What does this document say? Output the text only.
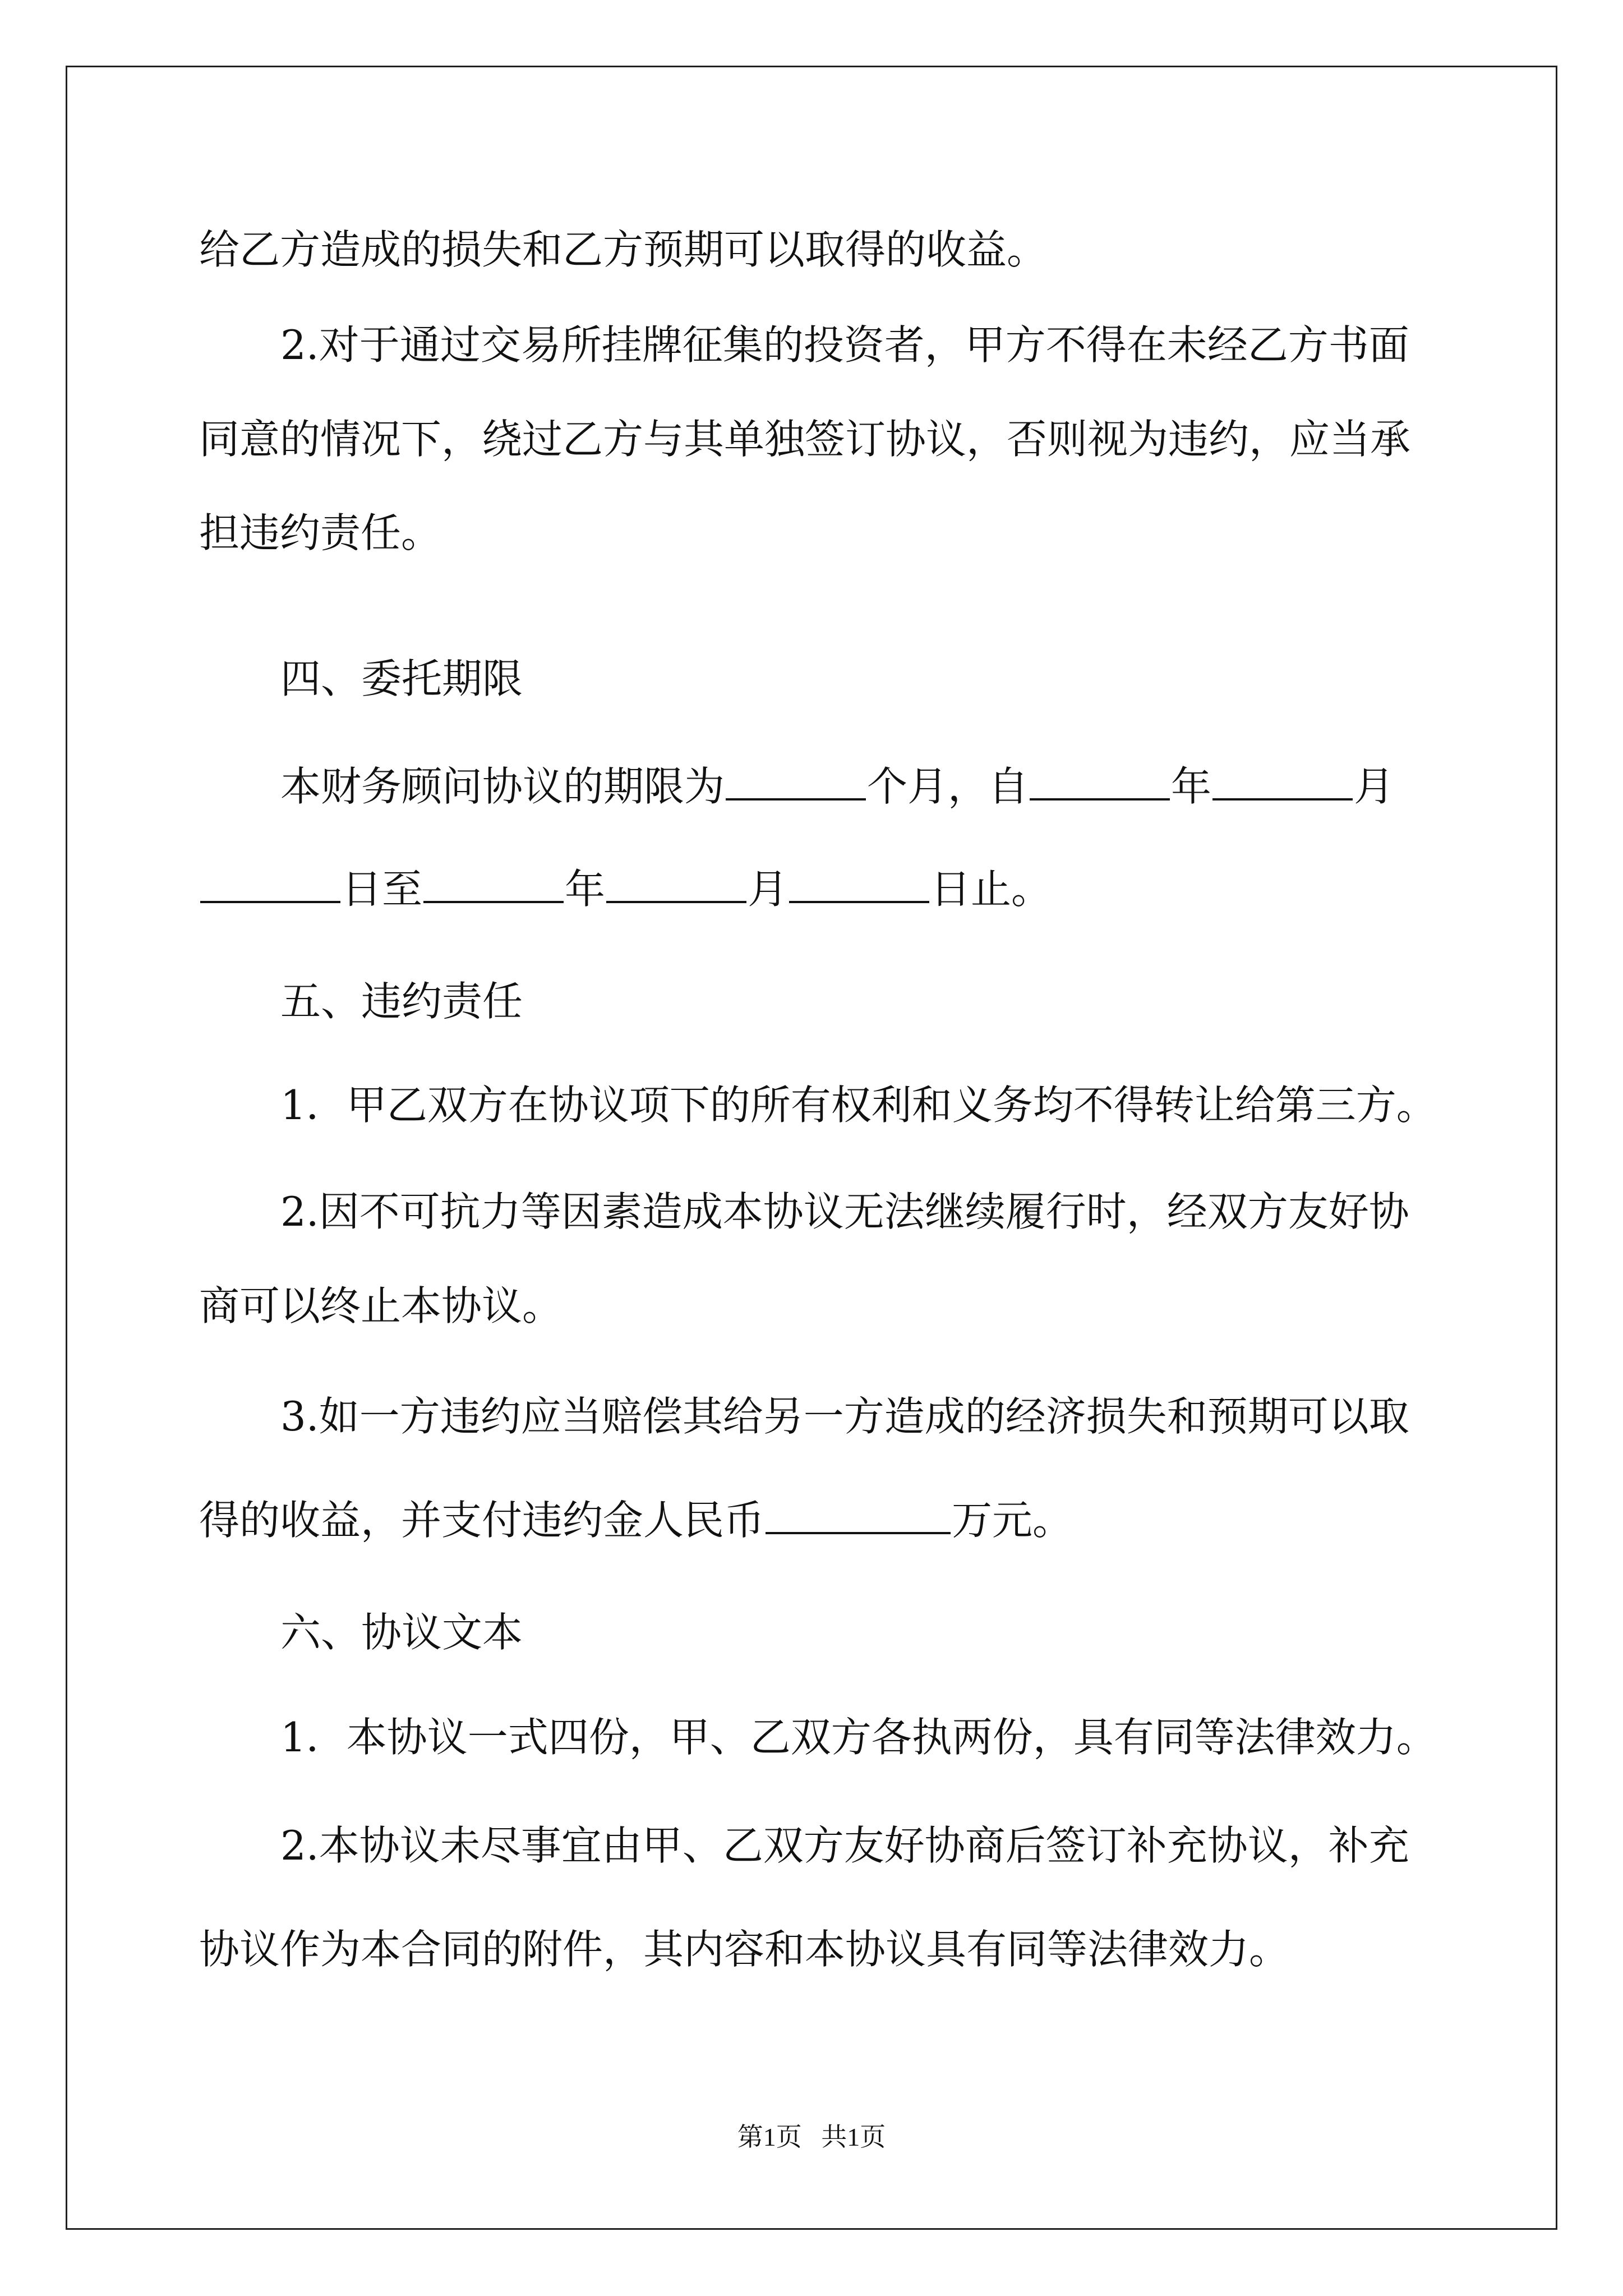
给乙方造成的损失和乙方预期可以取得的收益。
2.对于通过交易所挂牌征集的投资者，甲方不得在未经乙方书面
同意的情况下，绕过乙方与其单独签订协议，否则视为违约，应当承
担违约责任。
四、委托期限
本财务顾问协议的期限为	个月，自	年	月
日至	年	月	日止。
五、违约责任
1．甲乙双方在协议项下的所有权利和义务均不得转让给第三方。
2.因不可抗力等因素造成本协议无法继续履行时，经双方友好协
商可以终止本协议。
3.如一方违约应当赔偿其给另一方造成的经济损失和预期可以取
得的收益，并支付违约金人民币	万元。
六、协议文本
1．本协议一式四份，甲、乙双方各执两份，具有同等法律效力。
2.本协议未尽事宜由甲、乙双方友好协商后签订补充协议，补充
协议作为本合同的附件，其内容和本协议具有同等法律效力。
第1页   共1页
